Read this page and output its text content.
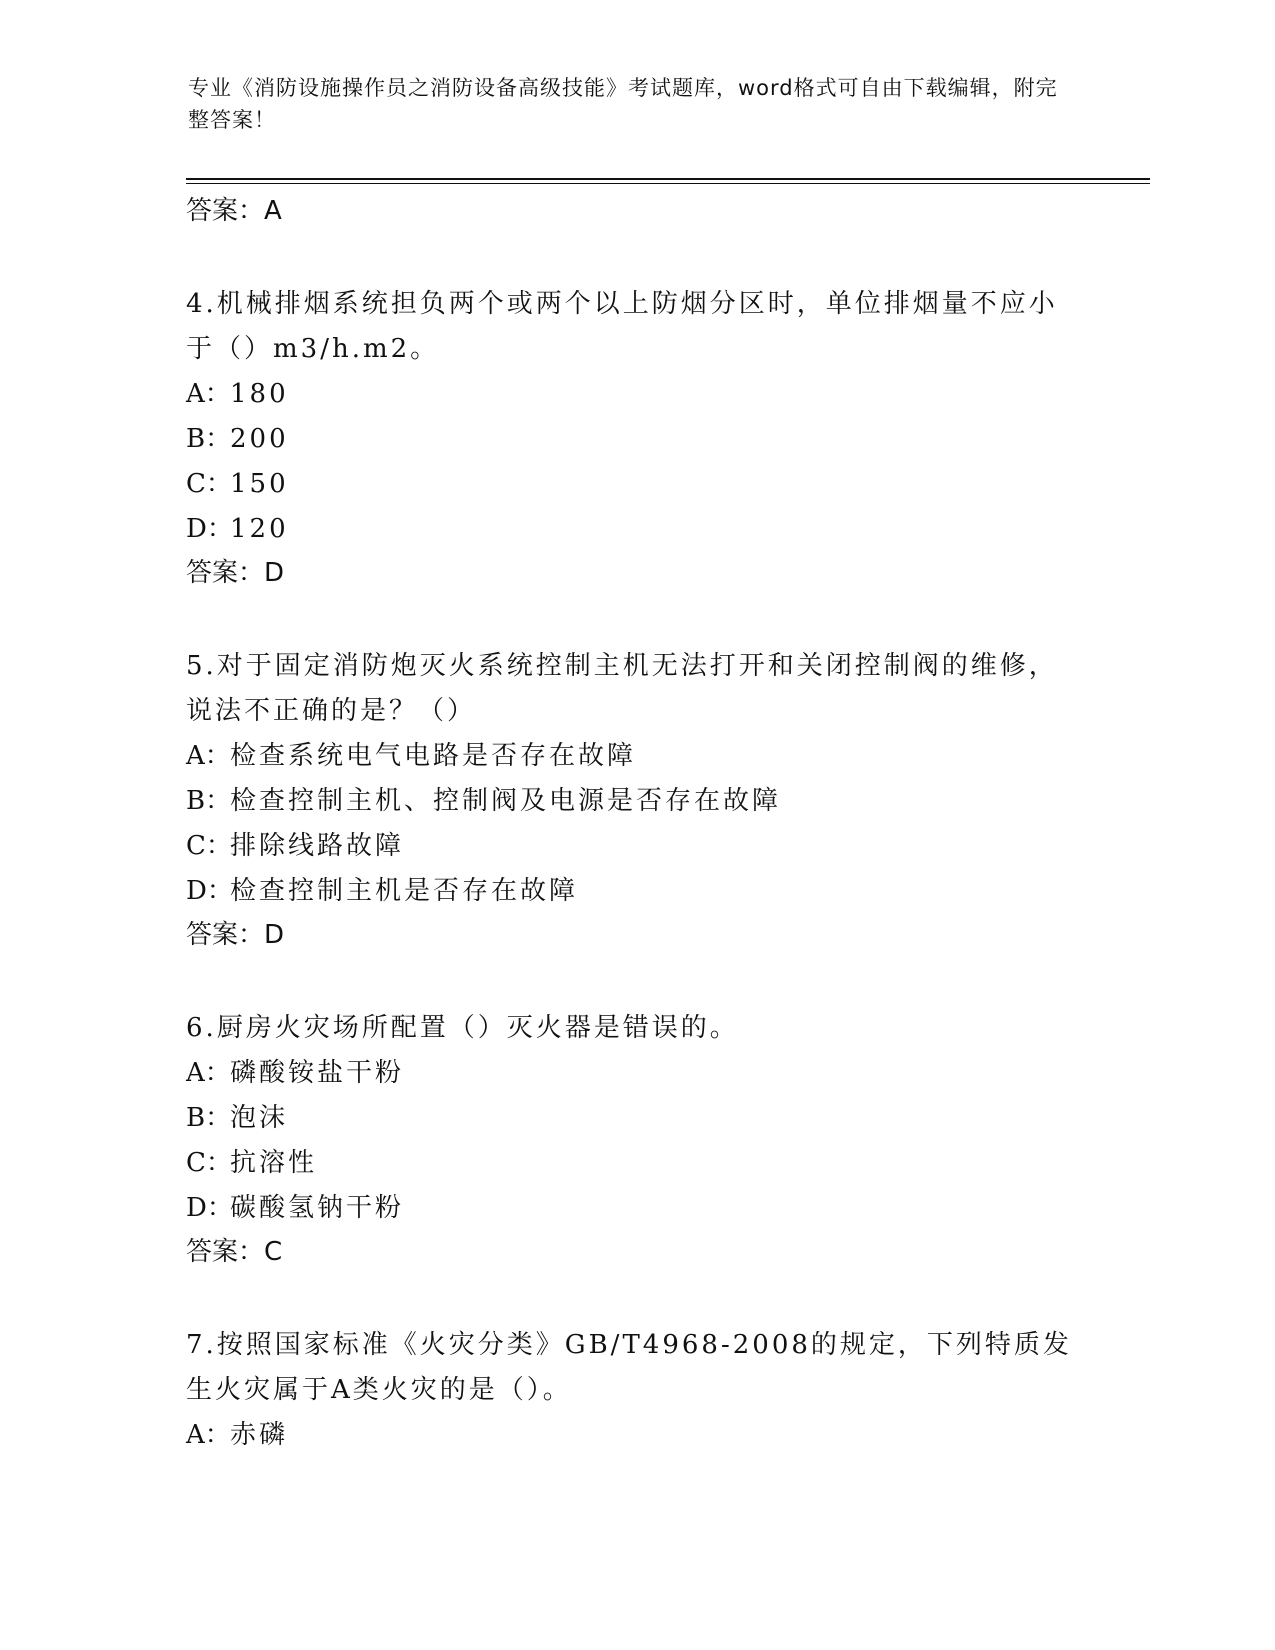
专业《消防设施操作员之消防设备高级技能》考试题库，word格式可自由下载编辑，附完整答案！

答案：A

4.机械排烟系统担负两个或两个以上防烟分区时，单位排烟量不应小于（）m3/h.m2。

A：180

B：200

C：150

D：120

答案：D

5.对于固定消防炮灭火系统控制主机无法打开和关闭控制阀的维修，说法不正确的是？（）

A：检查系统电气电路是否存在故障

B：检查控制主机、控制阀及电源是否存在故障

C：排除线路故障

D：检查控制主机是否存在故障

答案：D

6.厨房火灾场所配置（）灭火器是错误的。

A：磷酸铵盐干粉

B：泡沫

C：抗溶性

D：碳酸氢钠干粉

答案：C

7.按照国家标准《火灾分类》GB/T4968-2008的规定，下列特质发生火灾属于A类火灾的是（）。

A：赤磷
